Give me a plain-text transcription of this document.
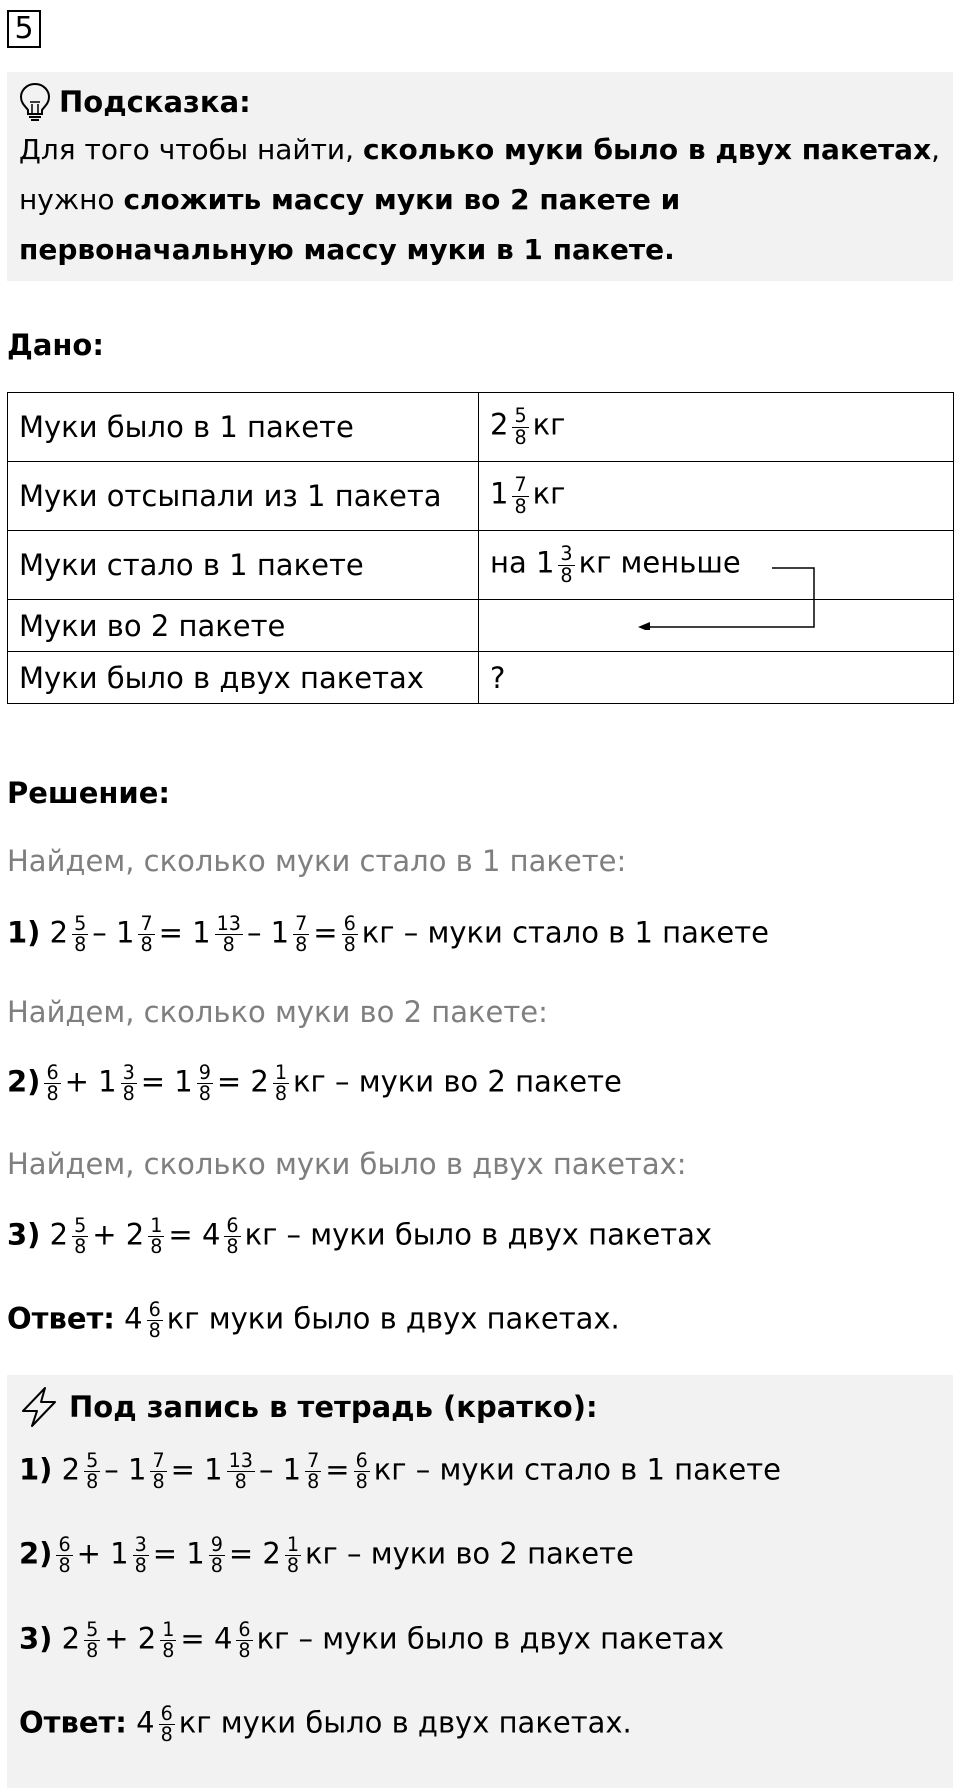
5
Подсказка:
Для того чтобы найти, сколько муки было в двух пакетах,
нужно сложить массу муки во 2 пакете и
первоначальную массу муки в 1 пакете.
Дано:
Муки было в 1 пакете	$2 \frac{5}{8}$ кг
Муки отсыпали из 1 пакета	$1 \frac{7}{8}$ кг
Муки стало в 1 пакете	на $1 \frac{3}{8}$ кг меньше
Муки во 2 пакете	
Муки было в двух пакетах	?
Решение:
Найдем, сколько муки стало в 1 пакете:
1) $2 \frac{5}{8} - 1 \frac{7}{8} = 1 \frac{13}{8} - 1 \frac{7}{8} = \frac{6}{8}$ кг – муки стало в 1 пакете
Найдем, сколько муки во 2 пакете:
$2) \frac{6}{8} + 1 \frac{3}{8} = 1 \frac{9}{8} = 2 \frac{1}{8}$ кг – муки во 2 пакете
Найдем, сколько муки было в двух пакетах:
3) $2 \frac{5}{8} + 2 \frac{1}{8} = 4 \frac{6}{8}$ кг – муки было в двух пакетах
Ответ: $4 \frac{6}{8}$ кг муки было в двух пакетах.
Под запись в тетрадь (кратко):
1) $2 \frac{5}{8} - 1 \frac{7}{8} = 1 \frac{13}{8} - 1 \frac{7}{8} = \frac{6}{8}$ кг – муки стало в 1 пакете
$2) \frac{6}{8} + 1 \frac{3}{8} = 1 \frac{9}{8} = 2 \frac{1}{8}$ кг – муки во 2 пакете
3) $2 \frac{5}{8} + 2 \frac{1}{8} = 4 \frac{6}{8}$ кг – муки было в двух пакетах
Ответ: $4 \frac{6}{8}$ кг муки было в двух пакетах.
